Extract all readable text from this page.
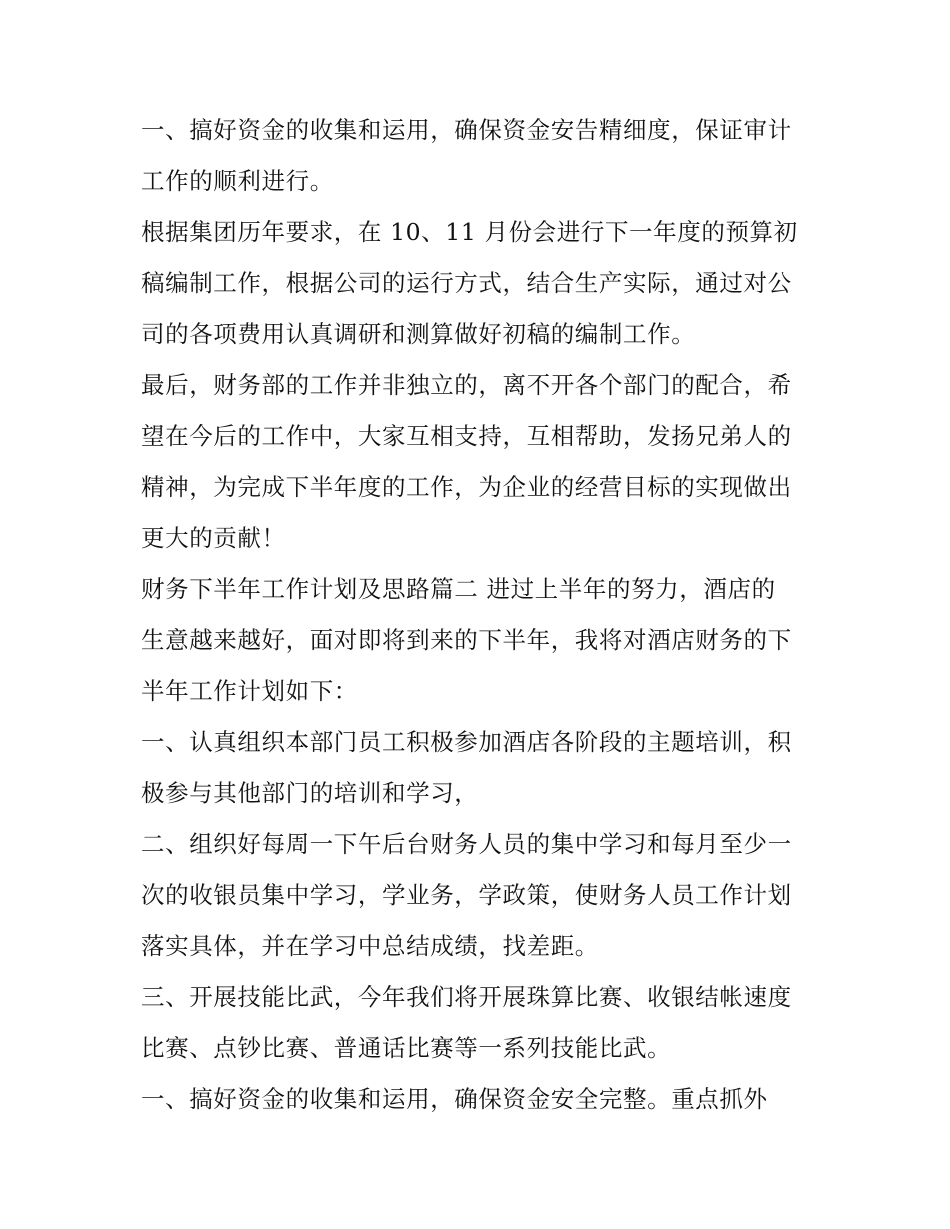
一、搞好资金的收集和运用，确保资金安告精细度，保证审计
工作的顺利进行。
根据集团历年要求，在 10、11 月份会进行下一年度的预算初
稿编制工作，根据公司的运行方式，结合生产实际，通过对公
司的各项费用认真调研和测算做好初稿的编制工作。
最后，财务部的工作并非独立的，离不开各个部门的配合，希
望在今后的工作中，大家互相支持，互相帮助，发扬兄弟人的
精神，为完成下半年度的工作，为企业的经营目标的实现做出
更大的贡献！
财务下半年工作计划及思路篇二 进过上半年的努力，酒店的
生意越来越好，面对即将到来的下半年，我将对酒店财务的下
半年工作计划如下：
一、认真组织本部门员工积极参加酒店各阶段的主题培训，积
极参与其他部门的培训和学习，
二、组织好每周一下午后台财务人员的集中学习和每月至少一
次的收银员集中学习，学业务，学政策，使财务人员工作计划
落实具体，并在学习中总结成绩，找差距。
三、开展技能比武，今年我们将开展珠算比赛、收银结帐速度
比赛、点钞比赛、普通话比赛等一系列技能比武。
一、搞好资金的收集和运用，确保资金安全完整。重点抓外
